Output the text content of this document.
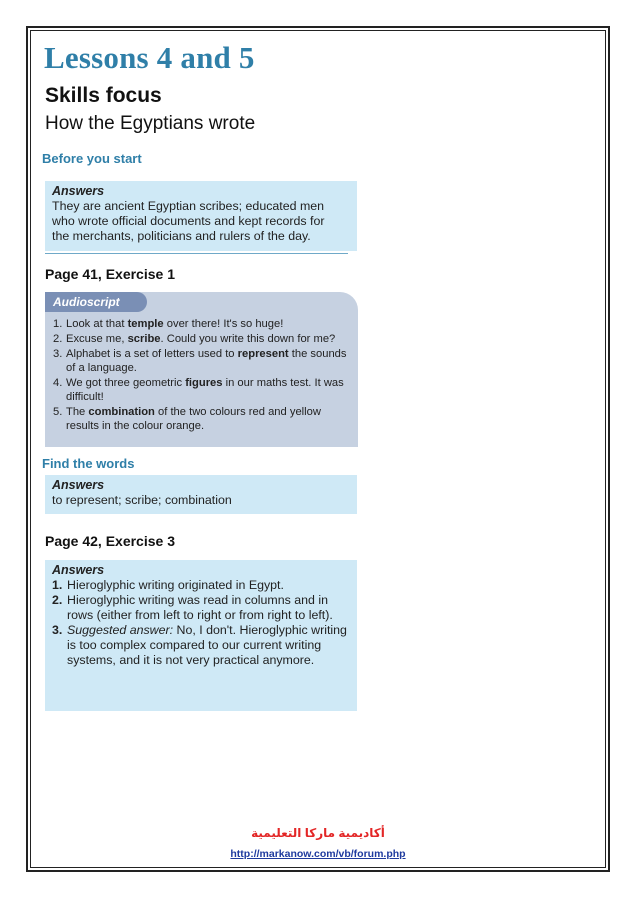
Lessons 4 and 5
Skills focus
How the Egyptians wrote
Before you start
Answers

They are ancient Egyptian scribes; educated men

who wrote official documents and kept records for

the merchants, politicians and rulers of the day.

Page 41, Exercise 1
1. Look at that temple over there! It's so huge!
2. Excuse me, scribe. Could you write this down for me?
3. Alphabet is a set of letters used to represent the sounds of a language.
4. We got three geometric figures in our maths test. It was difficult!
5. The combination of the two colours red and yellow results in the colour orange.
Audioscript
Find the words
Answers

to represent; scribe; combination

Page 42, Exercise 3
Answers
1. Hieroglyphic writing originated in Egypt.
2. Hieroglyphic writing was read in columns and in rows (either from left to right or from right to left).
3. Suggested answer: No, I don't. Hieroglyphic writing is too complex compared to our current writing systems, and it is not very practical anymore.
أكاديمية ماركا التعليمية
http://markanow.com/vb/forum.php
